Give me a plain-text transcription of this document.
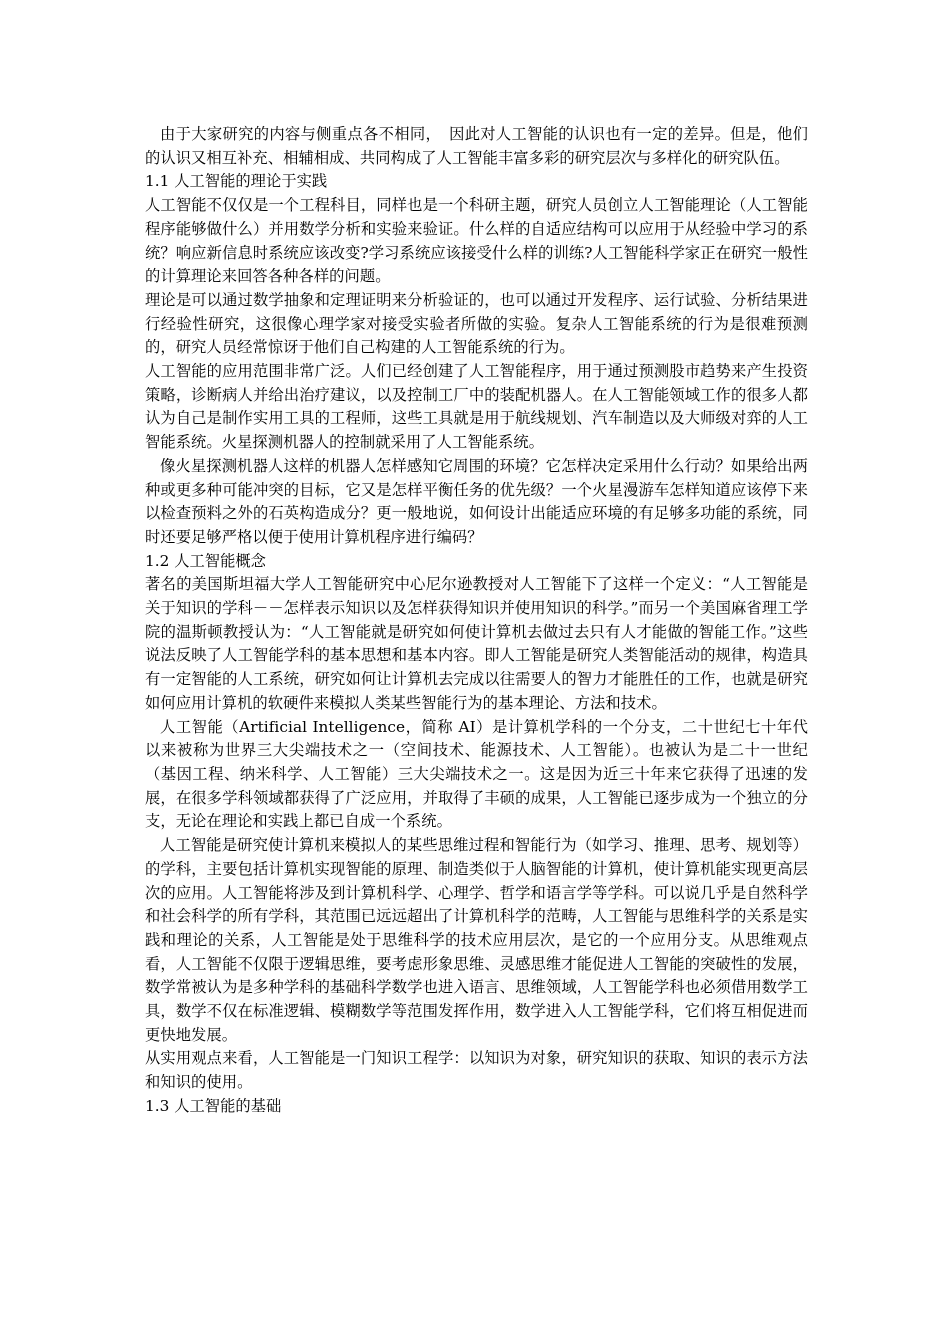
由于大家研究的内容与侧重点各不相同，　因此对人工智能的认识也有一定的差异。但是，他们的认识又相互补充、相辅相成、共同构成了人工智能丰富多彩的研究层次与多样化的研究队伍。

1.1 人工智能的理论于实践

人工智能不仅仅是一个工程科目，同样也是一个科研主题，研究人员创立人工智能理论（人工智能程序能够做什么）并用数学分析和实验来验证。什么样的自适应结构可以应用于从经验中学习的系统？响应新信息时系统应该改变?学习系统应该接受什么样的训练?人工智能科学家正在研究一般性的计算理论来回答各种各样的问题。

理论是可以通过数学抽象和定理证明来分析验证的，也可以通过开发程序、运行试验、分析结果进行经验性研究，这很像心理学家对接受实验者所做的实验。复杂人工智能系统的行为是很难预测的，研究人员经常惊讶于他们自己构建的人工智能系统的行为。

人工智能的应用范围非常广泛。人们已经创建了人工智能程序，用于通过预测股市趋势来产生投资策略，诊断病人并给出治疗建议，以及控制工厂中的装配机器人。在人工智能领域工作的很多人都认为自己是制作实用工具的工程师，这些工具就是用于航线规划、汽车制造以及大师级对弈的人工智能系统。火星探测机器人的控制就采用了人工智能系统。

像火星探测机器人这样的机器人怎样感知它周围的环境？它怎样决定采用什么行动？如果给出两种或更多种可能冲突的目标，它又是怎样平衡任务的优先级？一个火星漫游车怎样知道应该停下来以检查预料之外的石英构造成分？更一般地说，如何设计出能适应环境的有足够多功能的系统，同时还要足够严格以便于使用计算机程序进行编码？

1.2 人工智能概念

著名的美国斯坦福大学人工智能研究中心尼尔逊教授对人工智能下了这样一个定义：“人工智能是关于知识的学科－－怎样表示知识以及怎样获得知识并使用知识的科学。”而另一个美国麻省理工学院的温斯顿教授认为：“人工智能就是研究如何使计算机去做过去只有人才能做的智能工作。”这些说法反映了人工智能学科的基本思想和基本内容。即人工智能是研究人类智能活动的规律，构造具有一定智能的人工系统，研究如何让计算机去完成以往需要人的智力才能胜任的工作，也就是研究如何应用计算机的软硬件来模拟人类某些智能行为的基本理论、方法和技术。

人工智能（Artificial Intelligence，简称 AI）是计算机学科的一个分支，二十世纪七十年代以来被称为世界三大尖端技术之一（空间技术、能源技术、人工智能）。也被认为是二十一世纪（基因工程、纳米科学、人工智能）三大尖端技术之一。这是因为近三十年来它获得了迅速的发展，在很多学科领域都获得了广泛应用，并取得了丰硕的成果，人工智能已逐步成为一个独立的分支，无论在理论和实践上都已自成一个系统。

人工智能是研究使计算机来模拟人的某些思维过程和智能行为（如学习、推理、思考、规划等）的学科，主要包括计算机实现智能的原理、制造类似于人脑智能的计算机，使计算机能实现更高层次的应用。人工智能将涉及到计算机科学、心理学、哲学和语言学等学科。可以说几乎是自然科学和社会科学的所有学科，其范围已远远超出了计算机科学的范畴，人工智能与思维科学的关系是实践和理论的关系，人工智能是处于思维科学的技术应用层次，是它的一个应用分支。从思维观点看，人工智能不仅限于逻辑思维，要考虑形象思维、灵感思维才能促进人工智能的突破性的发展，数学常被认为是多种学科的基础科学数学也进入语言、思维领域，人工智能学科也必须借用数学工具，数学不仅在标准逻辑、模糊数学等范围发挥作用，数学进入人工智能学科，它们将互相促进而更快地发展。

从实用观点来看，人工智能是一门知识工程学：以知识为对象，研究知识的获取、知识的表示方法和知识的使用。

1.3 人工智能的基础
